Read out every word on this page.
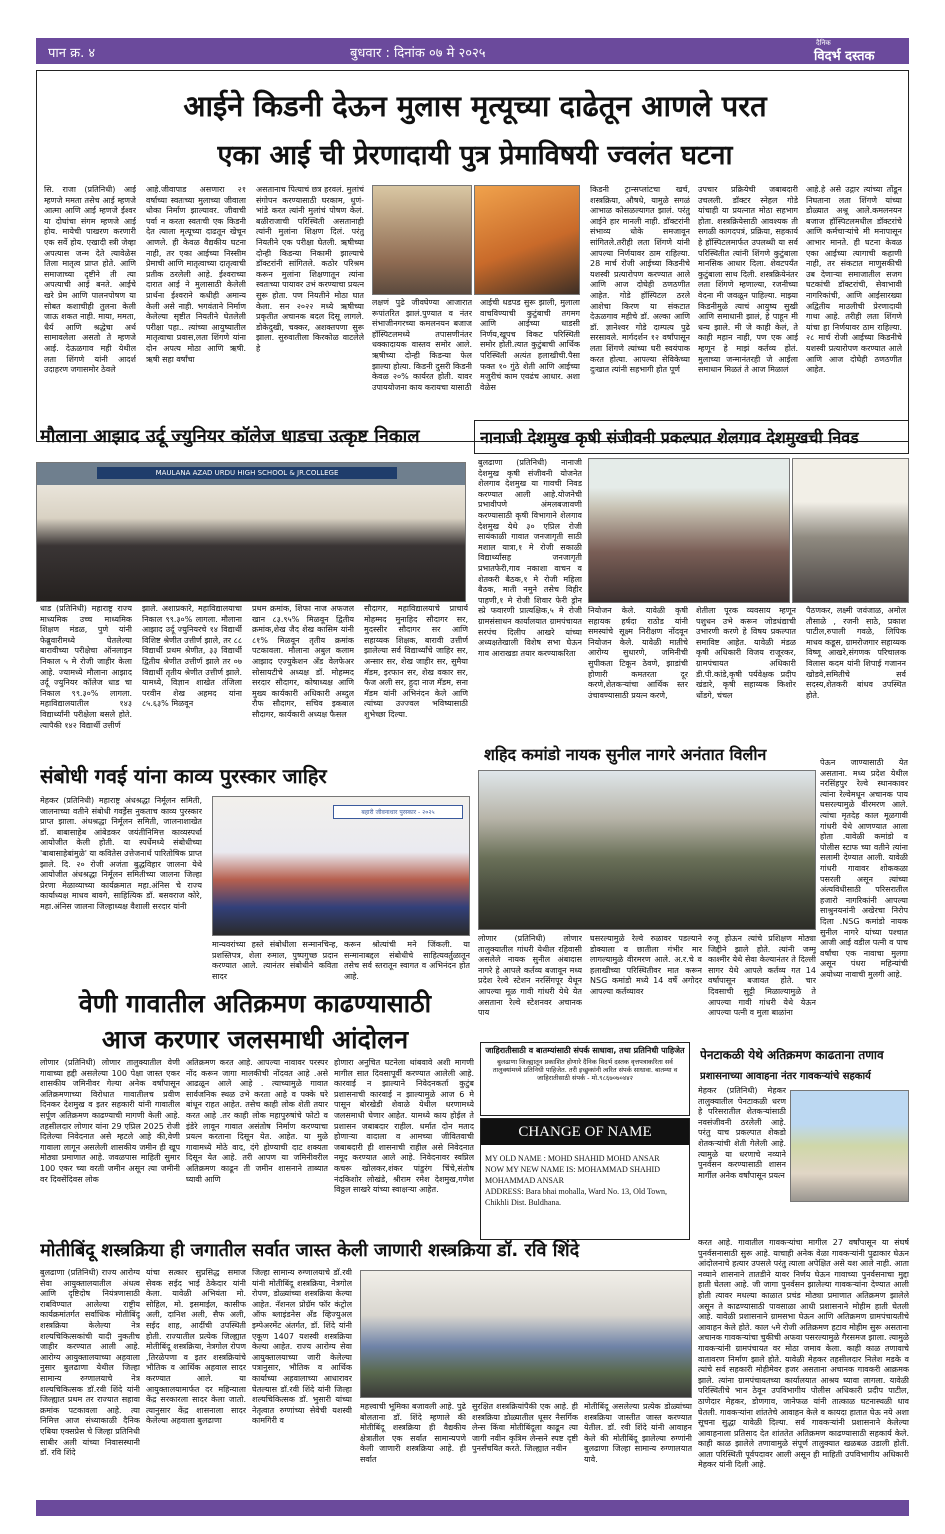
पान क्र. ४	बुधवार : दिनांक ०७ मे २०२५
दैनिक
विदर्भ दस्तक
आईने किडनी देऊन मुलास मृत्यूच्या दाढेतून आणले परत
एका आई ची प्रेरणादायी पुत्र प्रेमाविषयी ज्वलंत घटना
सि. राजा (प्रतिनिधी) आई म्हणजे ममता तसेच आई म्हणजे आत्मा आणि आई म्हणजे ईश्वर या दोघांचा संगम म्हणजे आई होय. मायेची पाखरण करणारी एक सर्वे होय. एखादी स्त्री जेव्हा अपत्यास जन्म देते त्यावेळेस तिला मातृत्व प्राप्त होते. आणि समाजाच्या दृष्टीने ती त्या अपत्याची आई बनते. आईचे खरे प्रेम आणि पालनपोषण या सोबत कशाचीही तुलना केली जाऊ शकत नाही. माया, ममता, धैर्य आणि श्रद्धेचा अर्थ सामावलेला असतो ते म्हणजे आई. देऊळगाव मही येथील लता शिंगणे यांनी आदर्श उदाहरण जगासमोर ठेवले
आहे.जीवापाड असणारा २१ वर्षाच्या स्वतःच्या मुलाच्या जीवाला धोका निर्माण झाल्यावर. जीवाची पर्वा न करता स्वतःची एक किडनी देत त्याला मृत्यूच्या दाढतून खेचून आणले. ही केवळ वैद्यकीय घटना नाही, तर एका आईच्या निस्सीम प्रेमाची आणि मातृत्वाच्या दातृत्वाची प्रतीक ठरलेली आहे. ईश्वराच्या दारात आई ने मुलासाठी केलेली प्रार्थना ईश्वराने कधीही अमान्य केली असे नाही. भगवंताने निर्माण केलेल्या सृष्टीत नियतीने घेतलेली परीक्षा पहा.. त्यांच्या आयुष्यातील मातृत्वाचा प्रवास,लता शिंगणे यांना दोन अपत्य मोठा आणि ऋषी. ऋषी सहा वर्षांचा
असतानाच पित्याचं छत्र हरवलं. मुलांचं संगोपन करण्यासाठी घरकाम, धुणं-भांडे करत त्यांनी मुलांचं पोषण केलं. बळीराजाची परिस्थिती असतानाही त्यांनी मुलांना शिक्षण दिलं. परंतु नियतीने एक परीक्षा घेतली. ऋषीच्या दोन्ही किडन्या निकामी झाल्याचे डॉक्टरांनी सांगितले. कठोर परिश्रम करून मुलांना शिक्षणातून त्यांना स्वतःच्या पायावर उभं करण्याचा प्रयत्न सुरू होता. पण नियतीने मोठा घात केला. सन २०२२ मध्ये ऋषीच्या प्रकृतीत अचानक बदल दिसू लागले. डोकेदुखी, चक्कर, अशक्तपणा सुरू झाला. सुरुवातीला किरकोळ वाटलेले हे
लक्षणं पुढे जीवघेण्या आजारात रूपांतरित झालं.पुण्यात व नंतर संभाजीनगरच्या कमलनयन बजाज हॉस्पिटलमध्ये तपासणीनंतर धक्कादायक वास्तव समोर आले. ऋषीच्या दोन्ही किडन्या फेल झाल्या होत्या. किडनी दुसरी किडनी केवळ २०% कार्यरत होती. यावर उपाययोजना काय करायचा यासाठी
आईची धडपड सुरू झाली, मुलाला वाचविण्याची कुटुंबाची तगमग आणि आईच्या धाडसी निर्णय,खूपच विकट परिस्थिती समोर होती.त्यात कुटुंबाची आर्थिक परिस्थिती अत्यंत हलाखीची.पैसा फक्त १० गुंठे शेती आणि आईच्या मजुरीचं काम एवढंच आधार. अशा वेळेस
किडनी ट्रान्सप्लांटचा खर्च, शस्त्रक्रिया, औषधे, यामुळे सगळं आभाळ कोसळल्यागत झालं. परंतु आईने हार मानली नाही. डॉक्टरांनी संभाव्य धोके समजावून सांगितले.तरीही लता शिंगणे यांनी आपल्या निर्णयावर ठाम राहिल्या. 28 मार्च रोजी आईच्या किडनीचे यशस्वी प्रत्यारोपण करण्यात आले आणि आज दोघेही ठणठणीत आहेत. गोडे हॉस्पिटल ठरले आशेचा किरण या संकटात देऊळगाव महीचे डॉ. अल्का आणि डॉ. ज्ञानेश्वर गोडे दाम्पत्य पुढे सरसावले. मार्गदर्शन १२ वर्षांपासून लता शिंगणे त्यांच्या घरी स्वयंपाक करत होत्या. आपल्या सेविकेच्या दुःखात त्यांनी सहभागी होत पूर्ण
उपचार प्रक्रियेची जबाबदारी उचलली. डॉक्टर स्नेहल गोडे यांचाही या प्रयत्नात मोठा सहभाग होता. शस्त्रक्रियेसाठी आवश्यक ती सगळी कागदपत्रं, प्रक्रिया, सहकार्य हे हॉस्पिटलमार्फत उपलब्धी या सर्व परिस्थितीत त्यांनी शिंगणे कुटुंबाला मानसिक आधार दिला. शेवटपर्यंत कुटुंबाला साथ दिली. शस्त्रक्रियेनंतर लता शिंगणे म्हणाल्या, रजनीच्या वेदना मी जवळून पाहिल्या. माझ्या किडनीमुळे त्याचं आयुष्य सुखी आणि समाधानी झालं, हे पाहून मी धन्य झाले. मी जे काही केलं, ते काही महान नाही, पण एक आई म्हणून हे माझं कर्तव्य होतं. मुलाच्या जन्मानंतरही जे आईला समाधान मिळतं ते आज मिळालं
आहे.हे असे उद्गार त्यांच्या तोंडून निघताना लता शिंगणे यांच्या डोळ्यात अश्रू आले.कमलनयन बजाज हॉस्पिटलमधील डॉक्टरांचे आणि कर्मचाऱ्यांचे मी मनापासून आभार मानते. ही घटना केवळ एका आईच्या त्यागाची कहाणी नाही, तर संकटात माणुसकीची उब देणाऱ्या समाजातील सजग घटकांची डॉक्टरांची, सेवाभावी नागरिकांची, आणि आईसारख्या अद्वितीय माउलीची प्रेरणादायी गाथा आहे. तरीही लता शिंगणे यांचा हा निर्णयावर ठाम राहिल्या. २८ मार्च रोजी आईच्या किडनीचे यशस्वी प्रत्यारोपण करण्यात आले आणि आज दोघेही ठणठणीत आहेत.
मौलाना आझाद उर्दू ज्युनियर कॉलेज धाडचा उत्कृष्ट निकाल
MAULANA AZAD URDU HIGH SCHOOL & JR.COLLEGE
धाड (प्रतिनिधी) महाराष्ट्र राज्य माध्यमिक उच्च माध्यमिक शिक्षण मंडळ, पुणे यांनी फेब्रुवारीमध्ये घेतलेल्या बारावीच्या परीक्षेचा ऑनलाइन निकाल ५ मे रोजी जाहीर केला आहे. ज्यामध्ये मौलाना आझाद उर्दू ज्युनियर कॉलेज धाड चा निकाल ९९.३०% लागला. महाविद्यालयातील १४३ विद्यार्थ्यांनी परीक्षेला बसले होते. त्यापैकी १४२ विद्यार्थी उत्तीर्ण
झाले. अशाप्रकारे, महाविद्यालयाचा निकाल ९९.३०% लागला. मौलाना आझाद उर्दू ज्युनियरचे १४ विद्यार्थी विशिष्ट श्रेणीत उत्तीर्ण झाले, तर ८८ विद्यार्थी प्रथम श्रेणीत, ३३ विद्यार्थी द्वितीय श्रेणीत उत्तीर्ण झाले तर ०७ विद्यार्थी तृतीय श्रेणीत उत्तीर्ण झाले. यामध्ये, विज्ञान शाखेत तंजिला परवीन शेख अहमद यांना ८५.६३% मिळवून
प्रथम क्रमांक, शिफा नाज अफजल खान ८३.९५% मिळवून द्वितीय क्रमांक,शेख जैद शेख कासिम यांनी ८१% मिळवून तृतीय क्रमांक पटकावला. मौलाना अबुल कलाम आझाद एज्युकेशन अँड वेलफेअर सोसायटीचे अध्यक्ष डॉ. मोहम्मद सरदार सौदागर, कोषाध्यक्ष आणि मुख्य कार्यकारी अधिकारी अब्दुल रौफ सौदागर, सचिव इकबाल सौदागर, कार्यकारी अध्यक्ष फैसल
सौदागर, महाविद्यालयाचे प्राचार्य मोहम्मद मुनाहिद सौदागर सर, मुदस्सीर सौदागर सर आणि सहाय्यक शिक्षक, बारावी उत्तीर्ण झालेल्या सर्व विद्यार्थ्यांचे जाहिर सर, अन्सार सर, शेख जाहीर सर, सुमैया मॅडम, इरफान सर, शेख वकार सर, फैज अली सर, हुदा नाज मॅडम, सना मॅडम यांनी अभिनंदन केले आणि त्यांच्या उज्ज्वल भविष्यासाठी शुभेच्छा दिल्या.
नानाजी देशमुख कृषी संजीवनी प्रकल्पात शेलगाव देशमुखची निवड
बुलढाणा (प्रतिनिधी) नानाजी देशमुख कृषी संजीवनी योजनेत शेलगाव देशमुख या गावची निवड करण्यात आली आहे.योजनेची प्रभावीपणे अंमलबजावणी करण्यासाठी कृषी विभागाने शेलगाव देशमुख येथे ३० एप्रिल रोजी सायंकाळी गावात जनजागृती साठी मशाल यात्रा,१ मे रोजी सकाळी विद्यार्थ्यांसह जनजागृती प्रभातफेरी,गाव नकाशा वाचन व शेतकरी बैठक,१ मे रोजी महिला बैठक, माती नमुने तसेच विहीर पाहणी,१ मे रोजी शिवार फेरी ड्रोन स्प्रे फवारणी प्रात्यक्षिक,५ मे रोजी ग्रामसंसाधन कार्यालयात ग्रामपंचायत सरपंच दिलीप आखरे यांच्या अध्यक्षतेखाली विशेष सभा घेऊन गाव आराखडा तयार करण्याकरिता
नियोजन केले. यावेळी कृषी सहायक हर्षदा राठोड यांनी समस्यांचे सूक्ष्म निरीक्षण नोंदवून नियोजन केले. यावेळी मातीचे आरोग्य सुधारणे, जमिनीची सुपीकता टिकून ठेवणे, झाडांची होणारी कमतरता दूर करणे,शेतकऱ्यांचा आर्थिक स्तर उंचावण्यासाठी प्रयत्न करणे,
शेतीला पूरक व्यवसाय म्हणून पशुधन उभे करून जोडधंद्याची उभारणी करणे हे विषय प्रकल्पात समाविष्ट आहेत. यावेळी मंडळ कृषी अधिकारी विजय राजूरकर, ग्रामपंचायत अधिकारी डी.पी.कांडे,कृषी पर्यवेक्षक प्रदीप खंडारे, कृषी सहाय्यक किशोर धोंडगे, चंचल
पैठणकर, लक्ष्मी जवंजाळ, अमोल तौसाळे , रजनी साठे, प्रकाश पाटील,रुपाली गवळे, लिपिक माधव कडूस, ग्रामरोजगार सहाय्यक विष्णू आखरे,संगणक परिचालक विलास कदम यांनी शिपाई गजानन खोडवे,समितीचे सर्व सदस्य,शेतकरी बांधव उपस्थित होते.
शहिद कमांडो नायक सुनील नागरे अनंतात विलीन	पेऊन जाण्यासाठी येत असताना. मध्य प्रदेश येथील नरसिंहपुर रेल्वे स्थानकावर त्यांना रेल्वेमधून अचानक पाय घसरल्यामुळे वीरमरण आले. त्यांचा मृतदेह काल मूळगावी गांधरी येथे आणण्यात आला होता .यावेळी कमांडो व पोलीस स्टाफ च्या वतीने त्यांना सलामी देण्यात आली. यावेळी गांधरी गावावर शोककळा पसरली असून त्यांच्या अंत्यविधीसाठी परिसरातील हजारो नागरिकांनी आपल्या साश्रुनयनांनी अखेरचा निरोप दिला .NSG कमांडो नायक सुनील नागरे यांच्या पश्चात आजी आई वडील पत्नी व पाच वर्षांचा एक नावाचा मुलगा असून पंधरा महिन्यांची अयोध्या नावाची मुलगी आहे.
लोणार (प्रतिनिधी) लोणार तालुक्यातील गांधरी येथील रहिवासी असलेले नायक सुनील अंबादास नागरे हे आपले कर्तव्य बजावून मध्य प्रदेश रेल्वे स्टेशन नरसिंगपूर येथून आपल्या मूळ गावी गांधरी येथे येत असताना रेल्वे स्टेशनवर अचानक पाय
घसरल्यामुळे रेल्वे रुळावर पडल्याने डोक्याला व छातीला गंभीर मार लागल्यामुळे वीरमरण आले. अ.र.चे व हलाखीच्या परिस्थितीवर मात करून NSG कमांडो मध्ये 14 वर्षे अगोदर आपल्या कर्तव्यावर
रुजू होऊन त्यांचे प्रशिक्षण मोठ्या जिद्दीने झाले होते. त्यांनी जम्मू काश्मीर येथे सेवा केल्यानंतर ते दिल्ली सागर येथे आपले कर्तव्य गत 14 वर्षापासून बजावत होते. चार दिवसाची सुट्टी मिळाल्यामुळे ते आपल्या गावी गांधरी येथे येऊन आपल्या पत्नी व मुला बाळांना
संबोधी गवई यांना काव्य पुरस्कार जाहिर
मेहकर (प्रतिनिधी) महाराष्ट्र अंधश्रद्धा निर्मूलन समिती, जालनाच्या वतीने संबोधी गवई़ेस नुकताच काव्य पुरस्कार प्राप्त झाला. अंधश्रद्धा निर्मूलन समिती, जालनाशाखेत डॉ. बाबासाहेब आंबेडकर जयंतीनिमित्त काव्यस्पर्धा आयोजीत केली होती. या स्पर्धेमध्ये संबोधीच्या 'बाबासाहेबांमुळे' या कवितेस उत्तेजनार्थ पारितोषिक प्राप्त झाले. दि. २० रोजी अजंता बुद्धविहार जालना येथे आयोजीत अंधश्रद्धा निर्मूलन समितीच्या जालना जिल्हा प्रेरणा मेळाव्याच्या कार्यक्रमात महा.अंनिस चे राज्य कार्याध्यक्ष माधव बावगे, साहित्यिक डॉ. बसवराज कोरे, महा.अंनिस जालना जिल्हाध्यक्ष वैशाली सरदार यांनी
बहारी जीवनाधार पुरस्कार - २०२५
मान्यवरांच्या हस्ते संबोधीला सन्मानचिन्ह, प्रशस्तिपत्र, शेला रुमाल, पुष्पगुच्छ प्रदान करण्यात आले. त्यानंतर संबोधीने कविता सादर
करून श्रोत्यांची मने जिंकली. या सन्मानाबद्दल संबोधीचे साहित्यवर्तुळातून तसेच सर्व स्तरातून स्वागत व अभिनंदन होत आहे.
वेणी गावातील अतिक्रमण काढण्यासाठी
आज करणार जलसमाधी आंदोलन
लोणार (प्रतिनिधी) लोणार तालुक्यातील वेणी गावाच्या हद्दी असलेल्या 100 पेक्षा जास्त एकर शासकीय जमिनीवर गेल्या अनेक वर्षांपासून अतिक्रमणाच्या विरोधात गावातीलच प्रवीण दिनकर देशमुख व इतर सहकारी यांनी गावातील सर्पूण अतिक्रमण काढण्याची मागणी केली आहे. तहसीलदार लोणार यांना 29 एप्रिल 2025 रोजी दिलेल्या निवेदनात असे म्हटले आहे की,वेणी गावाला लागून असलेली शासकीय जमीन ही खूप मोठ्या प्रमाणात आहे. जवळपास माहिती सुमार 100 एकर च्या वरती जमीन असून त्या जमीनी वर दिवसेंदिवस लोक
अतिक्रमण करत आहे. आपल्या नावावर परस्पर नोंद करून जागा मालकीची नोंदवत आहे .असे आढळून आले आहे . त्याच्यामुळे गावात सार्वजनिक स्थळ उभे करता आहे व पक्के घरे बांधून राहत आहेत. तसेच काही लोक शेती तयार करत आहे .तर काही लोक महापुरुषांचे फोटो व इंडेरे लावून गावात असंतोष निर्माण करण्याचा प्रयत्न करताना दिसून येत. आहेत. या मुळे गावामध्ये मोठे वाद, दंगे होण्याची दाट शक्यता दिसून येत आहे. तरी आपण या जमिनीवरील अतिक्रमण काढून ती जमीन शासनाने ताब्यात घ्यावी आणि
होणारा अनुचित घटनेला थांबवावे अशी मागणी मागील सात दिवसापूर्वी करण्यात आलेली आहे. कारवाई न झाल्याने निवेदनकर्ता कुटुंब प्रशासनाची कारवाई न झाल्यामुळे आज 6 मे पासून बोरखेडी शेवाळे येथील धरणामध्ये जलसमाधी घेणार आहेत. यामध्ये काय होईल ते प्रशासन जबाबदार राहील. धर्मात दोन मताद होणाऱ्या वादाला व आमच्या जीवितवाची जबाबदारी ही शासनाची राहील असे निवेदनात नमूद करण्यात आले आहे. निवेदनावर स्वप्निल कचरू खोलकर,शंकर पांडुरंग चिंचे,संतोष नंदकिशोर लोखंडे, श्रीराम रमेश देशमुख,गणेश विठ्ठल साखरे यांच्या स्वाक्षऱ्या आहेत.
जाहिरातीसाठी व बातम्यांसाठी संपर्क साधावा, तथा प्रतिनिधी पाहिजेत
बुलढाणा जिल्ह्यातून प्रकाशित होणारे दैनिक विदर्भ दस्तक वृत्तपत्राकरिता सर्व तालुक्यांमध्ये प्रतिनिधी पाहिजेत. तरी इच्छुकांनी त्वरित संपर्क साधावा. बातम्या व जाहिरातीसाठी संपर्क - मो.९८६७०७०४४२
CHANGE OF NAME
MY OLD NAME : MOHD SHAHID MOHD ANSAR
NOW MY NEW NAME IS: MOHAMMAD SHAHID
MOHAMMAD ANSAR
ADDRESS: Bara bhai mohalla, Ward No. 13, Old Town, Chikhli Dist. Buldhana.
पेनटाकळी येथे अतिक्रमण काढताना तणाव
प्रशासनाच्या आवाहना नंतर गावकऱ्यांचे सहकार्य
मेहकर (प्रतिनिधी) मेहकर तालुक्यातील पेनटाकळी धरण हे परिसरातील शेतकऱ्यांसाठी नवसंजीवनी ठरलेली आहे. परंतु याच प्रकल्पात शेकडो शेतकऱ्यांची शेती गेलेली आहे. त्यामुळे या धरणाचे नव्याने पुनर्वसन करण्यासाठी शासन मार्गील अनेक वर्षांपासून प्रयत्न
करत आहे. गावातील गावकऱ्यांचा मागील 27 वर्षांपासून या संघर्ष पुनर्वसनासाठी सुरू आहे. याचाही अनेक वेळा गावकऱ्यांनी पुढाकार घेऊन आंदोलनाचे हत्यार उपसले परंतु त्याला अपेक्षित असे यश आले नाही. आता नव्याने शासनाने तातडीने यावर निर्णय घेऊन गावाच्या पुनर्वसनाचा मुद्दा हाती घेतला आहे. जी जागा पुनर्वसन झालेल्या गावकऱ्यांना देण्यात आली होती त्यावर मधल्या काळात प्रचंड मोठ्या प्रमाणात अतिक्रमण झालेले असून ते काढण्यासाठी पावसाळा आधी प्रशासनाने मोहीम हाती घेतली आहे. यावेळी प्रशासनाने ग्रामसभा घेऊन आणि अतिक्रमण ग्रामपंचायतीचे आवाहन केले होते. काल ५मे रोजी अतिक्रमण हटाव मोहीम सुरू असताना अचानक गावकऱ्यांचा चुकीची अफवा पसरल्यामुळे गैरसमज झाला. त्यामुळे गावकऱ्यांनी ग्रामपंचायत वर मोठा जमाव केला. काही काळ तणावाचे वातावरण निर्माण झाले होते. यावेळी मेहकर तहसीलदार निलेश मडके व त्यांचे सर्व सहकारी मोहीमेवर हजर असताना अचानक गावकरी आक्रमक झाले. त्यांना ग्रामपंचायतच्या कार्यालयात आश्रय घ्यावा लागला. यावेळी परिस्थितीचे भान ठेवून उपविभागीय पोलीस अधिकारी प्रदीप पाटील, ठाणेदार मेहकर, डोणगाव, जानेफळ यांनी तात्काळ घटनास्थळी धाव घेतली. गावकऱ्यांना शांततेचे आवाहन केले व कायदा हातात घेऊ नये अशा सूचना सुद्धा यावेळी दिल्या. सर्व गावकऱ्यांनी प्रशासनाने केलेल्या आवाहनाला प्रतिसाद देत शांततेत अतिक्रमण काढण्यासाठी सहकार्य केले. काही काळ झालेले तणावामुळे संपूर्ण तालुक्यात खळबळ उडाली होती. आता परिस्थिती पूर्वपदावर आली असून ही माहिती उपविभागीय अधिकारी मेहकर यांनी दिली आहे.
मोतीबिंदू शस्त्रक्रिया ही जगातील सर्वात जास्त केली जाणारी शस्त्रक्रिया डॉ. रवि शिंदे
बुलढाणा (प्रतिनिधी) राज्य आरोग्य सेवा आयुक्तालयातील अंधत्व आणि दृष्टिदोष नियंत्रणासाठी राबविण्यात आलेल्या राष्ट्रीय कार्यक्रमांतर्गत सर्वाधिक मोतीबिंदू शस्त्रक्रिया केलेल्या नेत्र शल्यचिकित्सकांची यादी नुकतीच जाहीर करण्यात आली आहे. आरोग्य आयुक्तालयाच्या अहवाला नुसार बुलढाणा येथील जिल्हा सामान्य रुग्णालयाचे नेत्र शल्यचिकित्सक डॉ.रवी शिंदे यांनी जिल्ह्यात प्रथम तर राज्यात सहावा क्रमांक पटकावला आहे. त्या निमित्त आज संध्याकाळी दैनिक एबिया एक्सप्रेस चे जिल्हा प्रतिनिधी साबीर अली यांच्या निवासस्थानी डॉ. रवि शिंदे
यांचा सत्कार सुप्रसिद्ध समाज सेवक सईद भाई ठेकेदार यांनी केला. यावेळी अभियंता मो. सोहिल, मो. इसमाईल, कासीफ अली, दानिश अली, सैफ अली, सईद शाह, आदींची उपस्थिती होती. राज्यातील प्रत्येक जिल्ह्यात मोतीबिंदू शस्त्रक्रिया, नेत्रगोल रोपण ,तिरळेपणा व इतर शस्त्रक्रियांचे भौतिक व आर्थिक अहवाल सादर करण्यात आले. या आयुक्तालयामार्फत दर महिन्याला केंद्र सरकारला सादर केला जातो. त्यानुसार केंद्र शासनाला सादर केलेल्या अहवाला बुलढाणा
जिल्हा सामान्य रुग्णालयाचे डॉ.रवी यांनी मोतीबिंदू शस्त्रक्रिया, नेत्रगोल रोपण, डोळ्यांच्या शस्त्रक्रिया केल्या आहेत. नॅशनल प्रोग्रॅम फॉर कंट्रोल ऑफ ब्लाइंडनेस अँड व्हिज्युअल इम्पेअरमेंट अंतर्गत, डॉ. शिंदे यांनी एकूण 1407 यशस्वी शस्त्रक्रिया केल्या आहेत. राज्य आरोग्य सेवा आयुक्तालयाच्या जारी केलेल्या पत्रानुसार, भौतिक व आर्थिक कार्याच्या अहवालाच्या आधारावर घेतल्यास डॉ.रवी शिंदे यांनी जिल्हा शल्यचिकित्सक डॉ. भुसारी यांच्या नेतृत्वात रुग्णांच्या सेवेची यशस्वी कामगिरी व
महत्त्वाची भूमिका बजावली आहे. पुढे बोलताना डॉ. शिंदे म्हणाले की मोतीबिंदू शस्त्रक्रिया ही वैद्यकीय क्षेत्रातील एक सर्वात सामान्यपणे केली जाणारी शस्त्रक्रिया आहे. ही सर्वात
सुरक्षित शस्त्रक्रियांपैकी एक आहे. ही शस्त्रक्रिया डोळ्यातील धूसर नैसर्गिक लेन्स किंवा मोतीबिंदूला काढून त्या जागी नवीन कृत्रिम लेन्सने स्पष्ट दृष्टी पुनर्संचयित करते. जिल्ह्यात नवीन
मोतीबिंदू असलेल्या प्रत्येक डोळ्यांच्या शस्त्रक्रिया जास्तीत जास्त करण्यात येतील. डॉ. रवी शिंदे यांनी आवाहन केले की मोतीबिंदू झालेल्या रुग्णांनी बुलढाणा जिल्हा सामान्य रुग्णालयात यावे.
